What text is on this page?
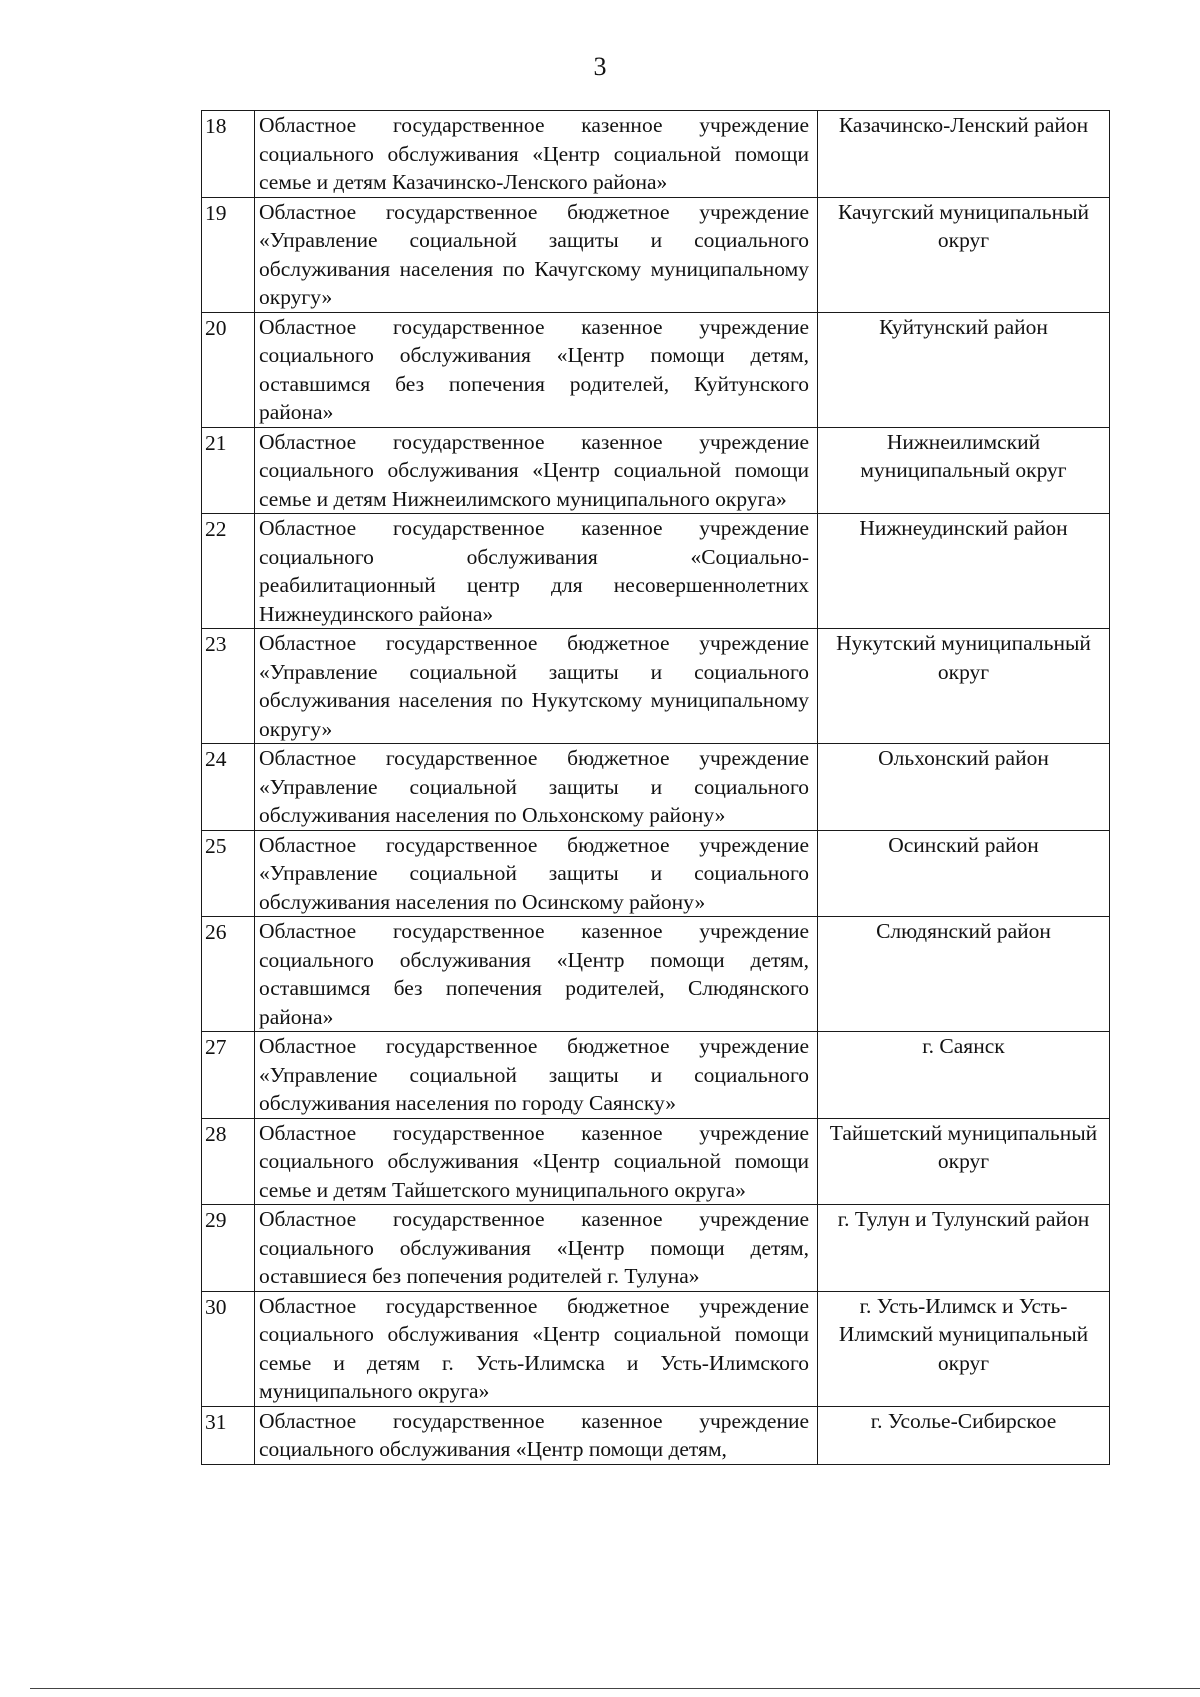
3
18	Областное государственное казенное учреждение социального обслуживания «Центр социальной помощи семье и детям Казачинско-Ленского района»	Казачинско-Ленский район
19	Областное государственное бюджетное учреждение «Управление социальной защиты и социального обслуживания населения по Качугскому муниципальному округу»	Качугский муниципальный округ
20	Областное государственное казенное учреждение социального обслуживания «Центр помощи детям, оставшимся без попечения родителей, Куйтунского района»	Куйтунский район
21	Областное государственное казенное учреждение социального обслуживания «Центр социальной помощи семье и детям Нижнеилимского муниципального округа»	Нижнеилимский муниципальный округ
22	Областное государственное казенное учреждение социального обслуживания «Социально-реабилитационный центр для несовершеннолетних Нижнеудинского района»	Нижнеудинский район
23	Областное государственное бюджетное учреждение «Управление социальной защиты и социального обслуживания населения по Нукутскому муниципальному округу»	Нукутский муниципальный округ
24	Областное государственное бюджетное учреждение «Управление социальной защиты и социального обслуживания населения по Ольхонскому району»	Ольхонский район
25	Областное государственное бюджетное учреждение «Управление социальной защиты и социального обслуживания населения по Осинскому району»	Осинский район
26	Областное государственное казенное учреждение социального обслуживания «Центр помощи детям, оставшимся без попечения родителей, Слюдянского района»	Слюдянский район
27	Областное государственное бюджетное учреждение «Управление социальной защиты и социального обслуживания населения по городу Саянску»	г. Саянск
28	Областное государственное казенное учреждение социального обслуживания «Центр социальной помощи семье и детям Тайшетского муниципального округа»	Тайшетский муниципальный округ
29	Областное государственное казенное учреждение социального обслуживания «Центр помощи детям, оставшиеся без попечения родителей г. Тулуна»	г. Тулун и Тулунский район
30	Областное государственное бюджетное учреждение социального обслуживания «Центр социальной помощи семье и детям г. Усть-Илимска и Усть-Илимского муниципального округа»	г. Усть-Илимск и Усть-Илимский муниципальный округ
31	Областное государственное казенное учреждение социального обслуживания «Центр помощи детям,	г. Усолье-Сибирское
